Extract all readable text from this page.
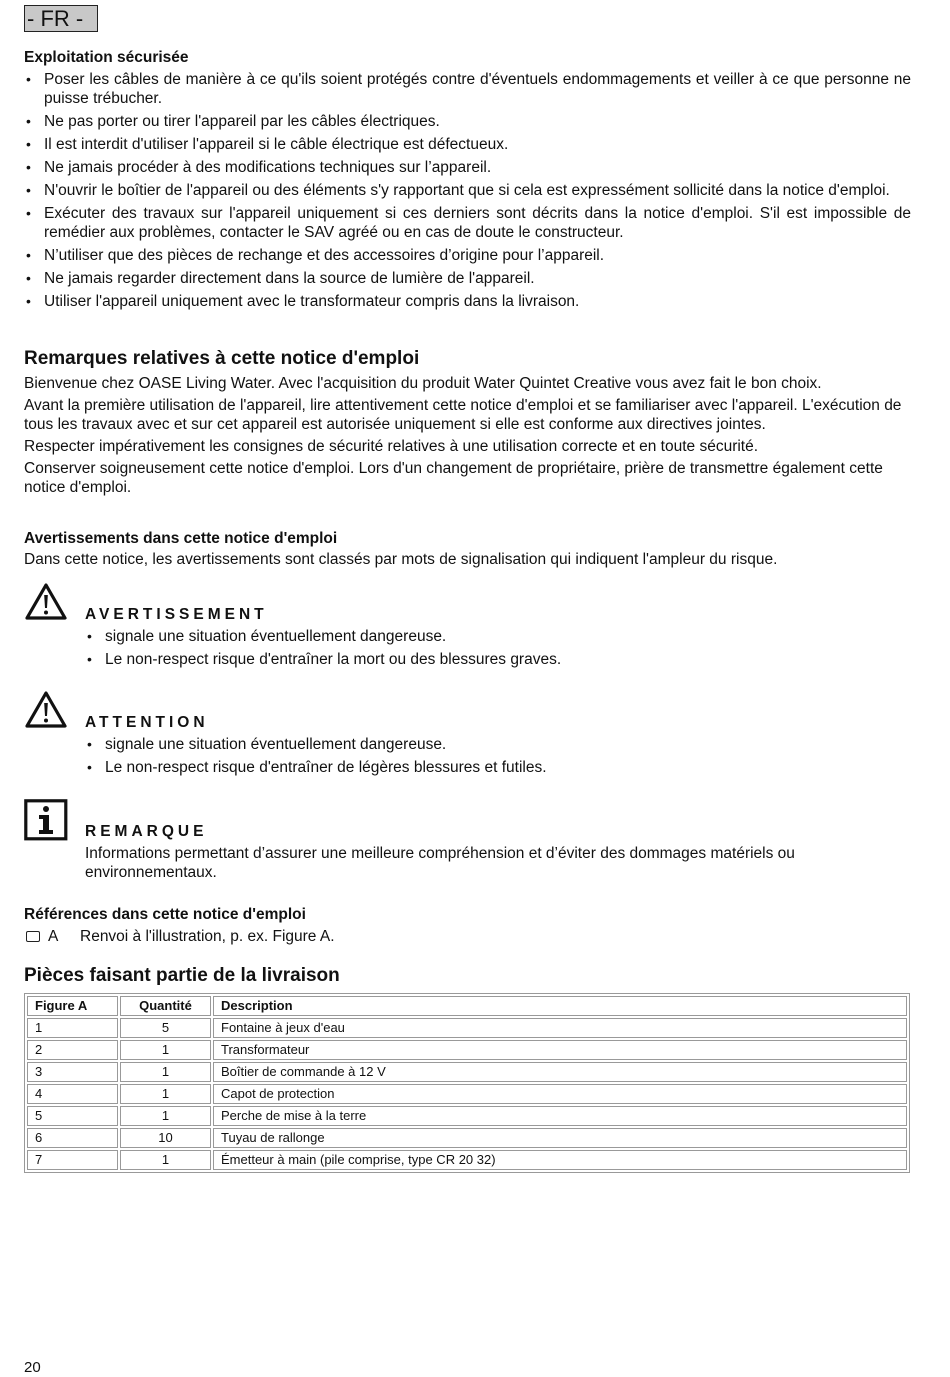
- FR -
Exploitation sécurisée
• Poser les câbles de manière à ce qu'ils soient protégés contre d'éventuels endommagements et veiller à ce que personne ne puisse trébucher.
• Ne pas porter ou tirer l'appareil par les câbles électriques.
• Il est interdit d'utiliser l'appareil si le câble électrique est défectueux.
• Ne jamais procéder à des modifications techniques sur l’appareil.
• N'ouvrir le boîtier de l'appareil ou des éléments s'y rapportant que si cela est expressément sollicité dans la notice d'emploi.
• Exécuter des travaux sur l'appareil uniquement si ces derniers sont décrits dans la notice d'emploi. S'il est impossible de remédier aux problèmes, contacter le SAV agréé ou en cas de doute le constructeur.
• N’utiliser que des pièces de rechange et des accessoires d’origine pour l’appareil.
• Ne jamais regarder directement dans la source de lumière de l'appareil.
• Utiliser l'appareil uniquement avec le transformateur compris dans la livraison.
Remarques relatives à cette notice d'emploi

Bienvenue chez OASE Living Water. Avec l'acquisition du produit Water Quintet Creative vous avez fait le bon choix.

Avant la première utilisation de l'appareil, lire attentivement cette notice d'emploi et se familiariser avec l'appareil. L'exécution de tous les travaux avec et sur cet appareil est autorisée uniquement si elle est conforme aux directives jointes.

Respecter impérativement les consignes de sécurité relatives à une utilisation correcte et en toute sécurité.

Conserver soigneusement cette notice d'emploi. Lors d'un changement de propriétaire, prière de transmettre également cette notice d'emploi.

Avertissements dans cette notice d'emploi

Dans cette notice, les avertissements sont classés par mots de signalisation qui indiquent l'ampleur du risque.

AVERTISSEMENT
• signale une situation éventuellement dangereuse.
• Le non-respect risque d'entraîner la mort ou des blessures graves.
ATTENTION
• signale une situation éventuellement dangereuse.
• Le non-respect risque d'entraîner de légères blessures et futiles.
REMARQUE

Informations permettant d’assurer une meilleure compréhension et d’éviter des dommages matériels ou environnementaux.

Références dans cette notice d'emploi
A	Renvoi à l'illustration, p. ex. Figure A.
Pièces faisant partie de la livraison
Figure A	Quantité	Description
1	5	Fontaine à jeux d'eau
2	1	Transformateur
3	1	Boîtier de commande à 12 V
4	1	Capot de protection
5	1	Perche de mise à la terre
6	10	Tuyau de rallonge
7	1	Émetteur à main (pile comprise, type CR 20 32)
20
